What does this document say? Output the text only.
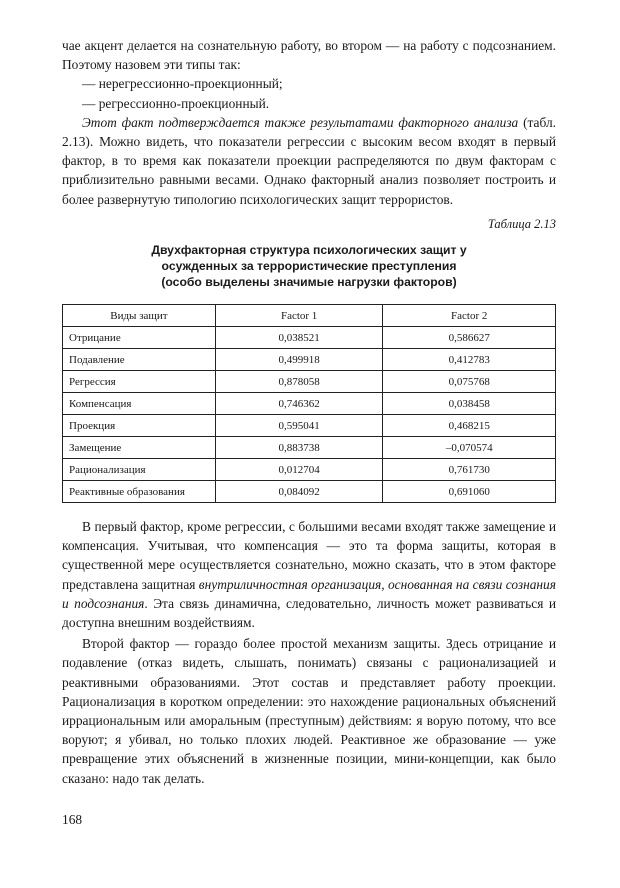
чае акцент делается на сознательную работу, во втором — на работу с подсознанием. Поэтому назовем эти типы так:

— нерегрессионно-проекционный;

— регрессионно-проекционный.

Этот факт подтверждается также результатами факторного анализа (табл. 2.13). Можно видеть, что показатели регрессии с высоким весом входят в первый фактор, в то время как показатели проекции распределяются по двум факторам с приблизительно равными весами. Однако факторный анализ позволяет построить и более развернутую типологию психологических защит террористов.

Таблица 2.13

Двухфакторная структура психологических защит у
осужденных за террористические преступления
(особо выделены значимые нагрузки факторов)
Виды защит	Factor 1	Factor 2
Отрицание	0,038521	0,586627
Подавление	0,499918	0,412783
Регрессия	0,878058	0,075768
Компенсация	0,746362	0,038458
Проекция	0,595041	0,468215
Замещение	0,883738	–0,070574
Рационализация	0,012704	0,761730
Реактивные образования	0,084092	0,691060

В первый фактор, кроме регрессии, с большими весами входят также замещение и компенсация. Учитывая, что компенсация — это та форма защиты, которая в существенной мере осуществляется сознательно, можно сказать, что в этом факторе представлена защитная внутриличностная организация, основанная на связи сознания и подсознания. Эта связь динамична, следовательно, личность может развиваться и доступна внешним воздействиям.

Второй фактор — гораздо более простой механизм защиты. Здесь отрицание и подавление (отказ видеть, слышать, понимать) связаны с рационализацией и реактивными образованиями. Этот состав и представляет работу проекции. Рационализация в коротком определении: это нахождение рациональных объяснений иррациональным или аморальным (преступным) действиям: я ворую потому, что все воруют; я убивал, но только плохих людей. Реактивное же образование — уже превращение этих объяснений в жизненные позиции, мини-концепции, как было сказано: надо так делать.

168
